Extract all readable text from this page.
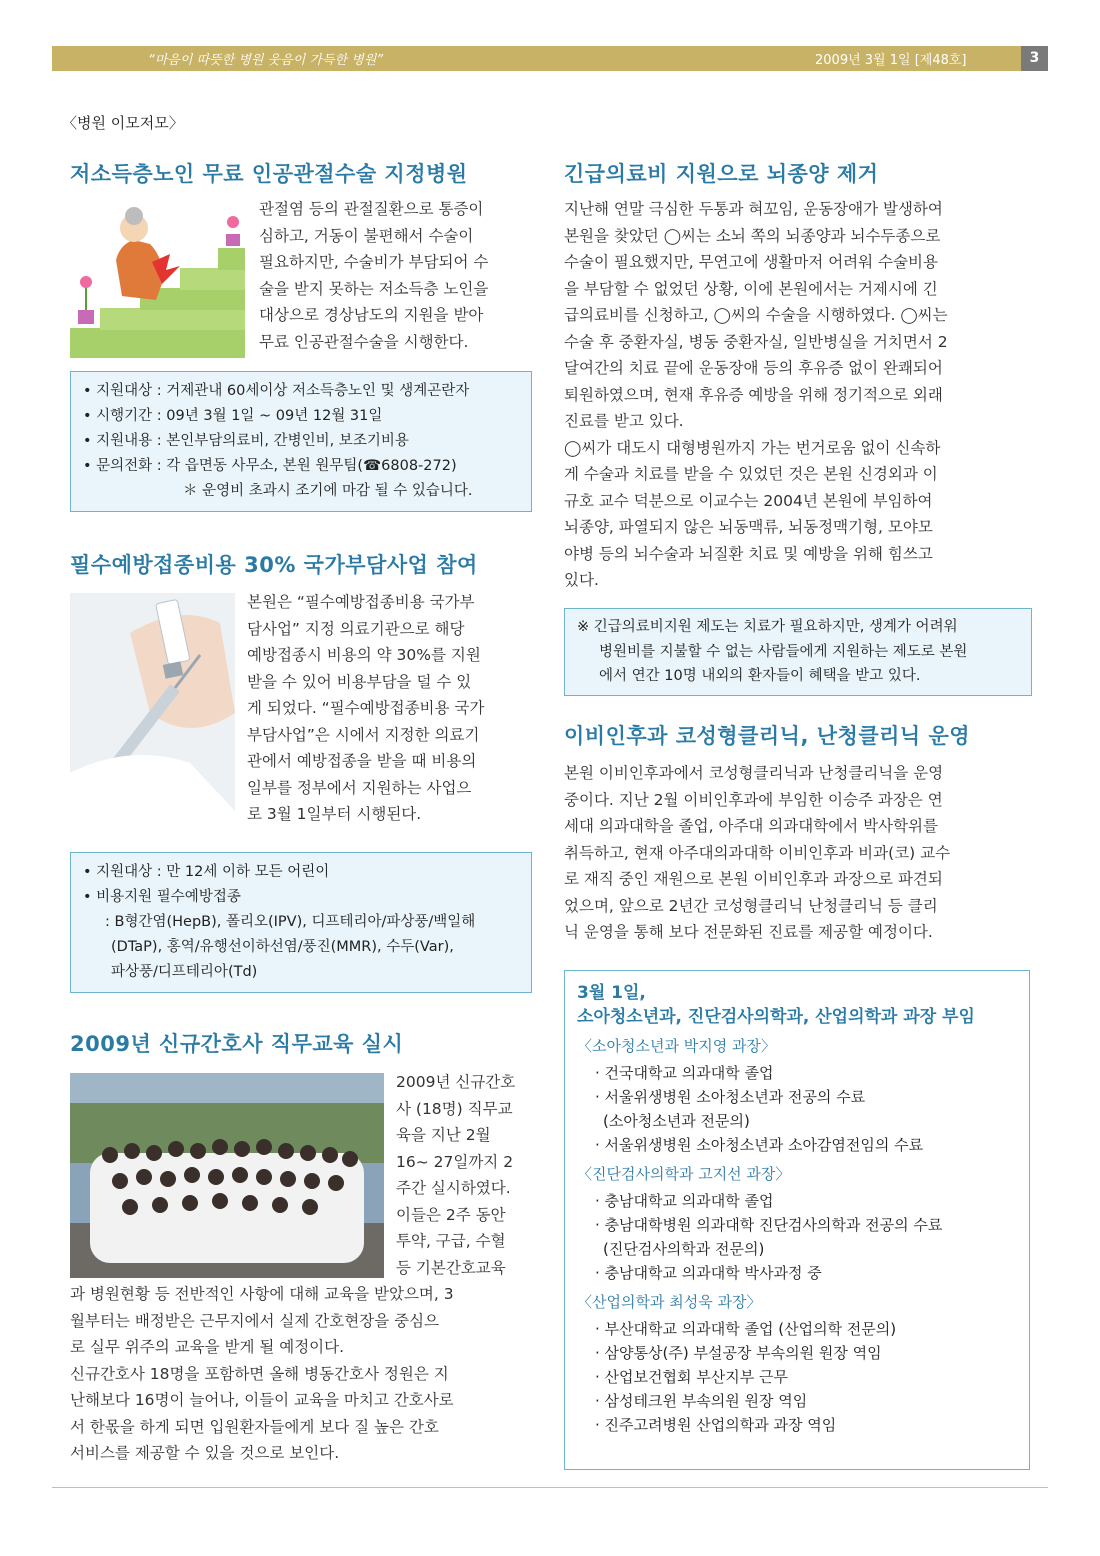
“마음이 따뜻한 병원 웃음이 가득한 병원”	2009년 3월 1일 [제48호]	3
〈병원 이모저모〉
저소득층노인 무료 인공관절수술 지정병원

관절염 등의 관절질환으로 통증이

심하고, 거동이 불편해서 수술이

필요하지만, 수술비가 부담되어 수

술을 받지 못하는 저소득층 노인을

대상으로 경상남도의 지원을 받아

무료 인공관절수술을 시행한다.

• 지원대상 : 거제관내 60세이상 저소득층노인 및 생계곤란자

• 시행기간 : 09년 3월 1일 ~ 09년 12월 31일

• 지원내용 : 본인부담의료비, 간병인비, 보조기비용

• 문의전화 : 각 읍면동 사무소, 본원 원무팀(☎6808-272)

＊ 운영비 초과시 조기에 마감 될 수 있습니다.

필수예방접종비용 30% 국가부담사업 참여

본원은 “필수예방접종비용 국가부

담사업” 지정 의료기관으로 해당

예방접종시 비용의 약 30%를 지원

받을 수 있어 비용부담을 덜 수 있

게 되었다. “필수예방접종비용 국가

부담사업”은 시에서 지정한 의료기

관에서 예방접종을 받을 때 비용의

일부를 정부에서 지원하는 사업으

로 3월 1일부터 시행된다.

• 지원대상 : 만 12세 이하 모든 어린이

• 비용지원 필수예방접종

: B형간염(HepB), 폴리오(IPV), 디프테리아/파상풍/백일해

(DTaP), 홍역/유행선이하선염/풍진(MMR), 수두(Var),

파상풍/디프테리아(Td)

2009년 신규간호사 직무교육 실시

2009년 신규간호

사 (18명) 직무교

육을 지난 2월

16~ 27일까지 2

주간 실시하였다.

이들은 2주 동안

투약, 구급, 수혈

등 기본간호교육

과 병원현황 등 전반적인 사항에 대해 교육을 받았으며, 3

월부터는 배정받은 근무지에서 실제 간호현장을 중심으

로 실무 위주의 교육을 받게 될 예정이다.

신규간호사 18명을 포함하면 올해 병동간호사 정원은 지

난해보다 16명이 늘어나, 이들이 교육을 마치고 간호사로

서 한몫을 하게 되면 입원환자들에게 보다 질 높은 간호

서비스를 제공할 수 있을 것으로 보인다.

긴급의료비 지원으로 뇌종양 제거

지난해 연말 극심한 두통과 혀꼬임, 운동장애가 발생하여

본원을 찾았던 ◯씨는 소뇌 쪽의 뇌종양과 뇌수두종으로

수술이 필요했지만, 무연고에 생활마저 어려워 수술비용

을 부담할 수 없었던 상황, 이에 본원에서는 거제시에 긴

급의료비를 신청하고, ◯씨의 수술을 시행하였다. ◯씨는

수술 후 중환자실, 병동 중환자실, 일반병실을 거치면서 2

달여간의 치료 끝에 운동장애 등의 후유증 없이 완쾌되어

퇴원하였으며, 현재 후유증 예방을 위해 정기적으로 외래

진료를 받고 있다.

◯씨가 대도시 대형병원까지 가는 번거로움 없이 신속하

게 수술과 치료를 받을 수 있었던 것은 본원 신경외과 이

규호 교수 덕분으로 이교수는 2004년 본원에 부임하여

뇌종양, 파열되지 않은 뇌동맥류, 뇌동정맥기형, 모야모

야병 등의 뇌수술과 뇌질환 치료 및 예방을 위해 힘쓰고

있다.

※ 긴급의료비지원 제도는 치료가 필요하지만, 생계가 어려워

병원비를 지불할 수 없는 사람들에게 지원하는 제도로 본원

에서 연간 10명 내외의 환자들이 혜택을 받고 있다.

이비인후과 코성형클리닉, 난청클리닉 운영

본원 이비인후과에서 코성형클리닉과 난청클리닉을 운영

중이다. 지난 2월 이비인후과에 부임한 이승주 과장은 연

세대 의과대학을 졸업, 아주대 의과대학에서 박사학위를

취득하고, 현재 아주대의과대학 이비인후과 비과(코) 교수

로 재직 중인 재원으로 본원 이비인후과 과장으로 파견되

었으며, 앞으로 2년간 코성형클리닉 난청클리닉 등 클리

닉 운영을 통해 보다 전문화된 진료를 제공할 예정이다.

3월 1일,

소아청소년과, 진단검사의학과, 산업의학과 과장 부임

〈소아청소년과 박지영 과장〉

· 건국대학교 의과대학 졸업

· 서울위생병원 소아청소년과 전공의 수료

(소아청소년과 전문의)

· 서울위생병원 소아청소년과 소아감염전임의 수료

〈진단검사의학과 고지선 과장〉

· 충남대학교 의과대학 졸업

· 충남대학병원 의과대학 진단검사의학과 전공의 수료

(진단검사의학과 전문의)

· 충남대학교 의과대학 박사과정 중

〈산업의학과 최성욱 과장〉

· 부산대학교 의과대학 졸업 (산업의학 전문의)

· 삼양통상(주) 부설공장 부속의원 원장 역임

· 산업보건협회 부산지부 근무

· 삼성테크윈 부속의원 원장 역임

· 진주고려병원 산업의학과 과장 역임
